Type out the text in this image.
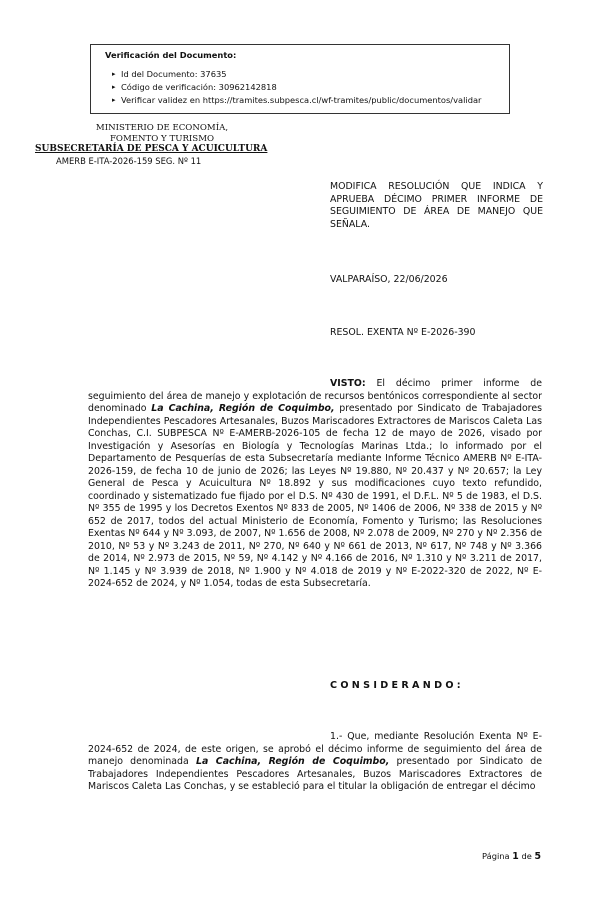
Verificación del Documento:
▸ Id del Documento: 37635
▸ Código de verificación: 30962142818
▸ Verificar validez en https://tramites.subpesca.cl/wf-tramites/public/documentos/validar
MINISTERIO DE ECONOMÍA,
FOMENTO Y TURISMO
SUBSECRETARÍA DE PESCA Y ACUICULTURA
AMERB E-ITA-2026-159 SEG. Nº 11
MODIFICA RESOLUCIÓN QUE INDICA Y APRUEBA DÉCIMO PRIMER INFORME DE SEGUIMIENTO DE ÁREA DE MANEJO QUE SEÑALA.
VALPARAÍSO, 22/06/2026
RESOL. EXENTA Nº E-2026-390
VISTO: El décimo primer informe de seguimiento del área de manejo y explotación de recursos bentónicos correspondiente al sector denominado La Cachina, Región de Coquimbo, presentado por Sindicato de Trabajadores Independientes Pescadores Artesanales, Buzos Mariscadores Extractores de Mariscos Caleta Las Conchas, C.I. SUBPESCA Nº E-AMERB-2026-105 de fecha 12 de mayo de 2026, visado por Investigación y Asesorías en Biología y Tecnologías Marinas Ltda.; lo informado por el Departamento de Pesquerías de esta Subsecretaría mediante Informe Técnico AMERB Nº E-ITA-2026-159, de fecha 10 de junio de 2026; las Leyes Nº 19.880, Nº 20.437 y Nº 20.657; la Ley General de Pesca y Acuicultura Nº 18.892 y sus modificaciones cuyo texto refundido, coordinado y sistematizado fue fijado por el D.S. Nº 430 de 1991, el D.F.L. Nº 5 de 1983, el D.S. Nº 355 de 1995 y los Decretos Exentos Nº 833 de 2005, Nº 1406 de 2006, Nº 338 de 2015 y Nº 652 de 2017, todos del actual Ministerio de Economía, Fomento y Turismo; las Resoluciones Exentas Nº 644 y Nº 3.093, de 2007, Nº 1.656 de 2008, Nº 2.078 de 2009, Nº 270 y Nº 2.356 de 2010, Nº 53 y Nº 3.243 de 2011, Nº 270, Nº 640 y Nº 661 de 2013, Nº 617, Nº 748 y Nº 3.366 de 2014, Nº 2.973 de 2015, Nº 59, Nº 4.142 y Nº 4.166 de 2016, Nº 1.310 y Nº 3.211 de 2017, Nº 1.145 y Nº 3.939 de 2018, Nº 1.900 y Nº 4.018 de 2019 y Nº E-2022-320 de 2022, Nº E-2024-652 de 2024, y Nº 1.054, todas de esta Subsecretaría.
CONSIDERANDO:
1.- Que, mediante Resolución Exenta Nº E-2024-652 de 2024, de este origen, se aprobó el décimo informe de seguimiento del área de manejo denominada La Cachina, Región de Coquimbo, presentado por Sindicato de Trabajadores Independientes Pescadores Artesanales, Buzos Mariscadores Extractores de Mariscos Caleta Las Conchas, y se estableció para el titular la obligación de entregar el décimo
Página 1 de 5
